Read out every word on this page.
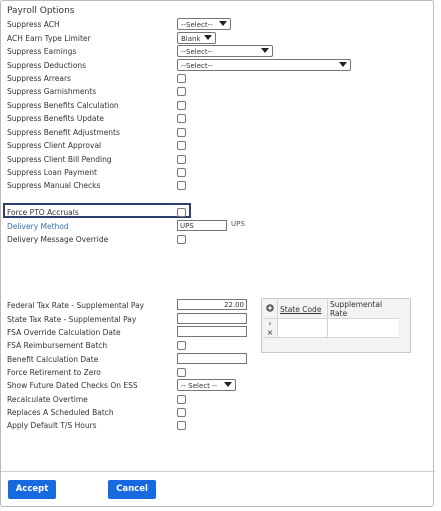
Payroll Options
Suppress ACH	--Select--
ACH Earn Type Limiter	Blank
Suppress Earnings	--Select--
Suppress Deductions	--Select--
Suppress Arrears
Suppress Garnishments
Suppress Benefits Calculation
Suppress Benefits Update
Suppress Benefit Adjustments
Suppress Client Approval
Suppress Client Bill Pending
Suppress Loan Payment
Suppress Manual Checks
Force PTO Accruals
Delivery Method	UPS	UPS
Delivery Message Override
Federal Tax Rate - Supplemental Pay	22.00
State Tax Rate - Supplemental Pay
FSA Override Calculation Date
FSA Reimbursement Batch
Benefit Calculation Date
Force Retirement to Zero
Show Future Dated Checks On ESS	-- Select --
Recalculate Overtime
Replaces A Scheduled Batch
Apply Default T/S Hours
	State Code	Supplemental Rate
› ×		
Accept	Cancel
